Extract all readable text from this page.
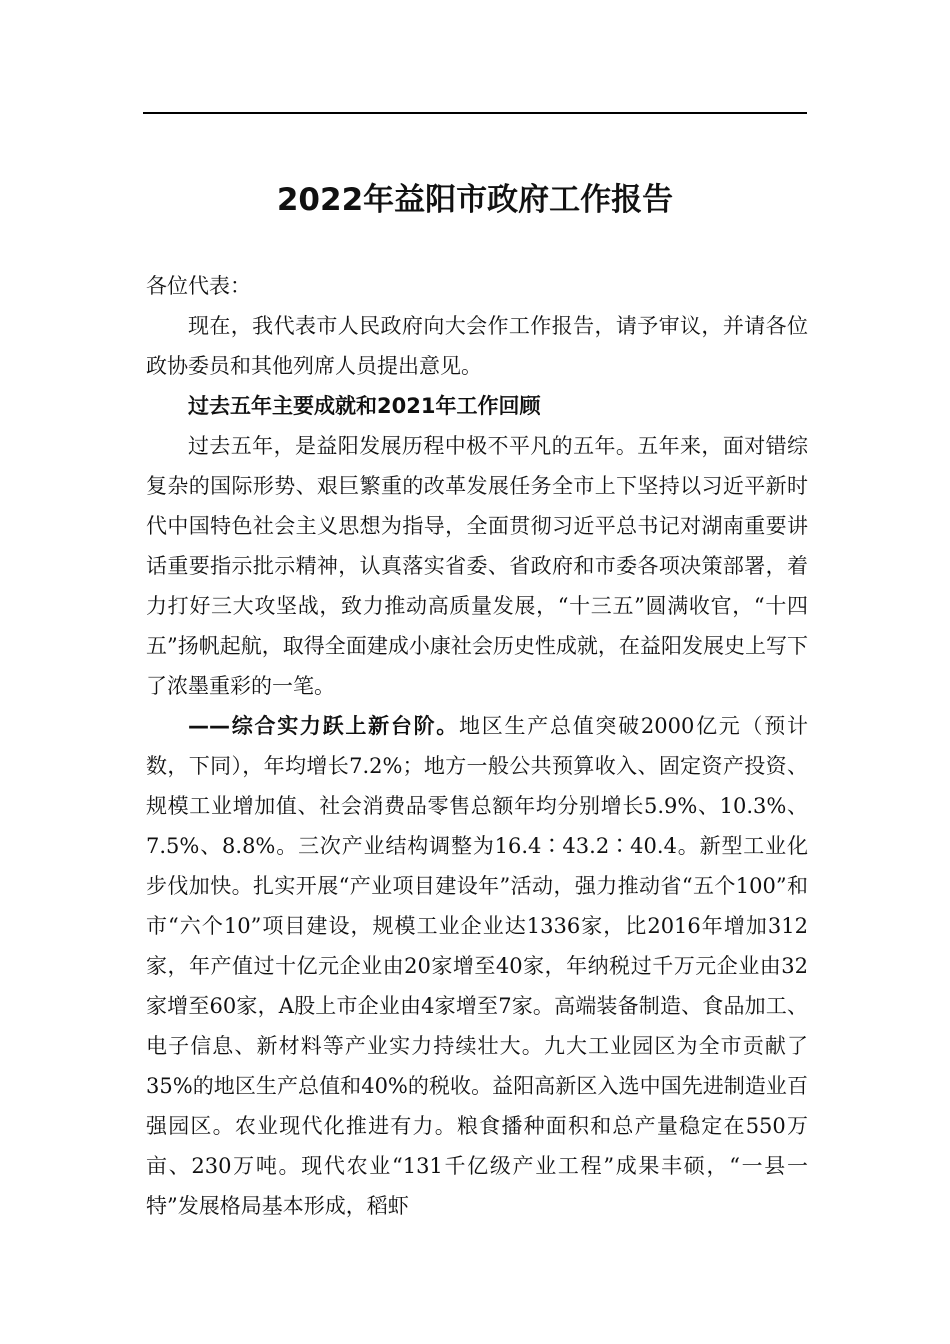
2022年益阳市政府工作报告

各位代表：

现在，我代表市人民政府向大会作工作报告，请予审议，并请各位政协委员和其他列席人员提出意见。

过去五年主要成就和2021年工作回顾

过去五年，是益阳发展历程中极不平凡的五年。五年来，面对错综复杂的国际形势、艰巨繁重的改革发展任务全市上下坚持以习近平新时代中国特色社会主义思想为指导，全面贯彻习近平总书记对湖南重要讲话重要指示批示精神，认真落实省委、省政府和市委各项决策部署，着力打好三大攻坚战，致力推动高质量发展，“十三五”圆满收官，“十四五”扬帆起航，取得全面建成小康社会历史性成就，在益阳发展史上写下了浓墨重彩的一笔。

——综合实力跃上新台阶。地区生产总值突破2000亿元（预计数，下同），年均增长7.2%；地方一般公共预算收入、固定资产投资、规模工业增加值、社会消费品零售总额年均分别增长5.9%、10.3%、7.5%、8.8%。三次产业结构调整为16.4∶43.2∶40.4。新型工业化步伐加快。扎实开展“产业项目建设年”活动，强力推动省“五个100”和市“六个10”项目建设，规模工业企业达1336家，比2016年增加312家，年产值过十亿元企业由20家增至40家，年纳税过千万元企业由32家增至60家，A股上市企业由4家增至7家。高端装备制造、食品加工、电子信息、新材料等产业实力持续壮大。九大工业园区为全市贡献了35%的地区生产总值和40%的税收。益阳高新区入选中国先进制造业百强园区。农业现代化推进有力。粮食播种面积和总产量稳定在550万亩、230万吨。现代农业“131千亿级产业工程”成果丰硕，“一县一特”发展格局基本形成，稻虾
